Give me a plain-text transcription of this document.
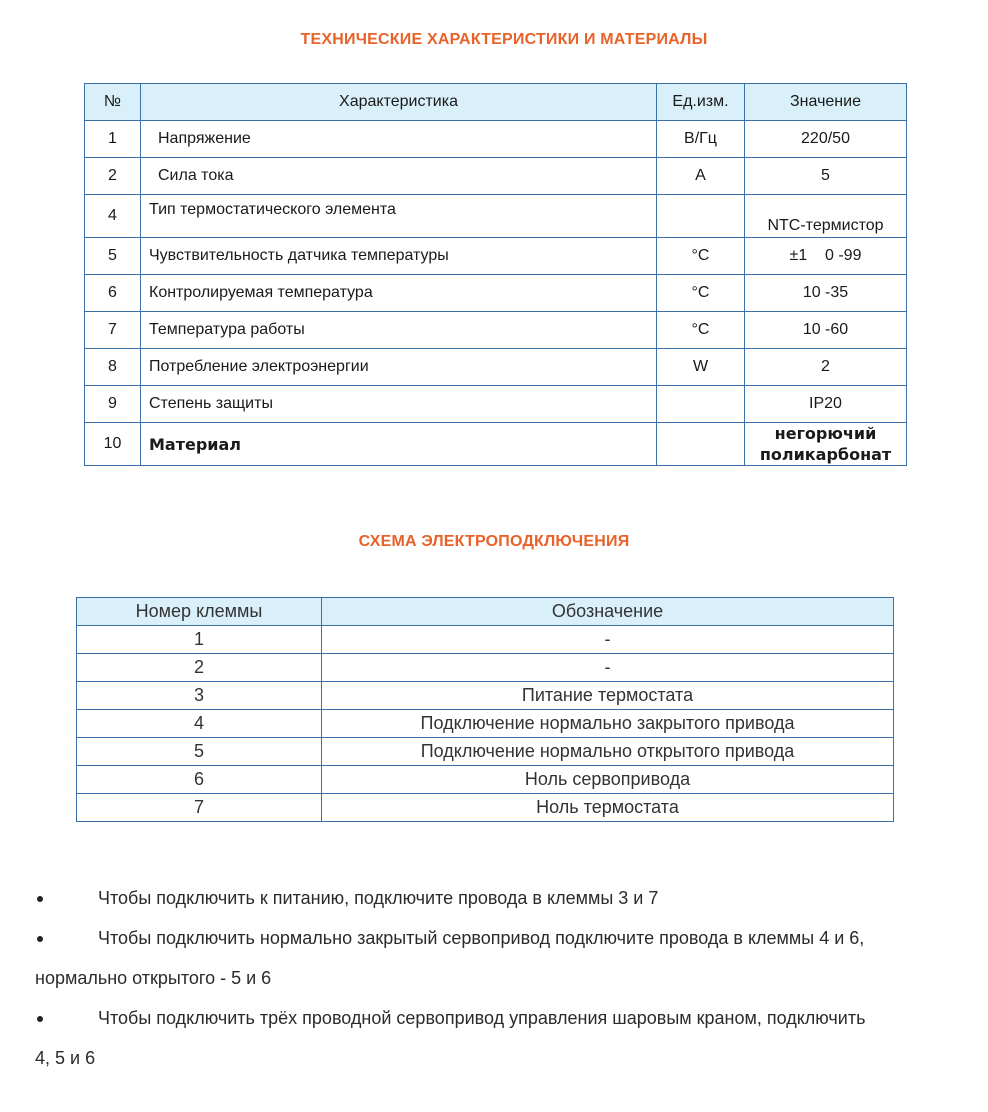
ТЕХНИЧЕСКИЕ ХАРАКТЕРИСТИКИ И МАТЕРИАЛЫ
№	Характеристика	Ед.изм.	Значение
1	Напряжение	В/Гц	220/50
2	Сила тока	А	5
4	Тип термостатического элемента		NTC-термистор
5	Чувствительность датчика температуры	°С	±1    0 -99
6	Контролируемая температура	°С	10 -35
7	Температура работы	°С	10 -60
8	Потребление электроэнергии	W	2
9	Степень защиты		IP20
10	Материал		негорючий
поликарбонат
СХЕМА ЭЛЕКТРОПОДКЛЮЧЕНИЯ
Номер клеммы	Обозначение
1	-
2	-
3	Питание термостата
4	Подключение нормально закрытого привода
5	Подключение нормально открытого привода
6	Ноль сервопривода
7	Ноль термостата
Чтобы подключить к питанию, подключите провода в клеммы 3 и 7
Чтобы подключить нормально закрытый сервопривод подключите провода в клеммы 4 и 6,
нормально открытого - 5 и 6
Чтобы подключить трёх проводной сервопривод управления шаровым краном, подключить
4, 5 и 6
